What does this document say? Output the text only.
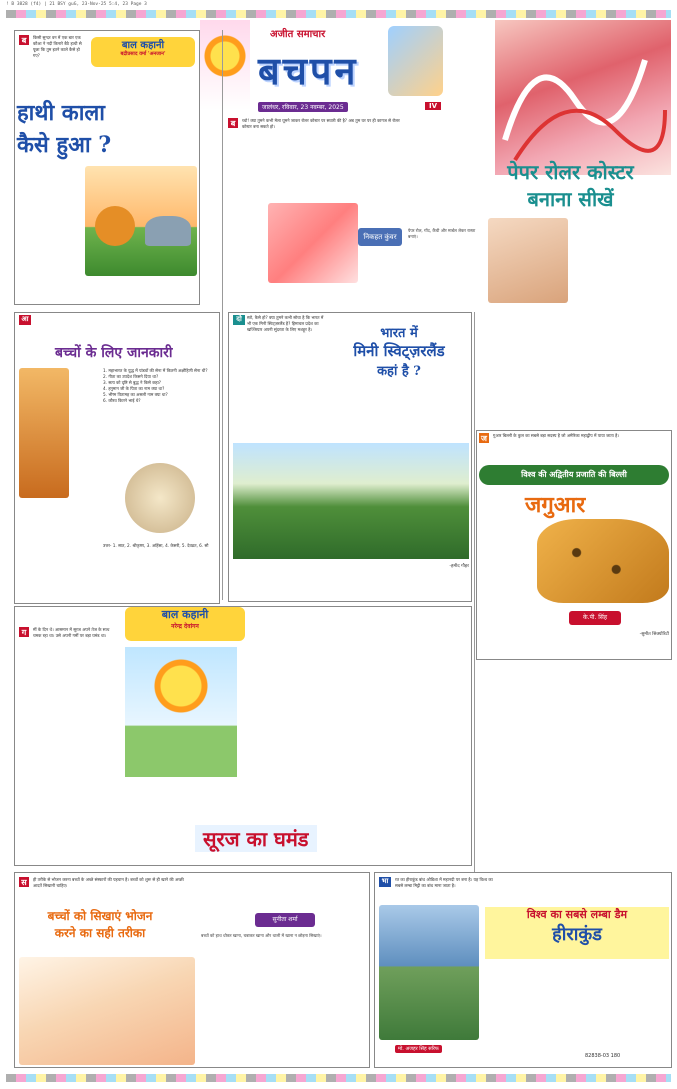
! B 3828 (f4) | 21 BSY guG, 23-Nov-25 5:4, 23 Page 3
अजीत समाचार
बचपन
जालंधर, रविवार, 23 नवम्बर, 2025	IV
बाल कहानी
बद्रीप्रसाद वर्मा 'अनजान'
ब	किसी सुन्दर वन में एक बार एक कौआ ने नदी किनारे बैठे हाथी से पूछा कि तुम इतने काले कैसे हो गए?
हाथी काला
कैसे हुआ ?
ब	च्चो! क्या तुमने कभी मेला घूमने जाकर रोलर कोस्टर पर सवारी की है? अब तुम घर पर ही कागज से रोलर कोस्टर बना सकते हो।
पेपर रोलर कोस्टर
बनाना सीखें
निकहत कुंवर
पेपर रोल, गोंद, कैंची और मार्बल लेकर रास्ता बनाएं।
आ
बच्चों के लिए जानकारी
1. महाभारत के युद्ध में पांडवों की सेना में कितनी अक्षौहिणी सेना थी?
2. गीता का उपदेश किसने दिया था?
3. सत्य को दृष्टि से बुद्ध ने किसे कहा?
4. हनुमान जी के पिता का नाम क्या था?
5. भीष्म पितामह का असली नाम क्या था?
6. कौरव कितने भाई थे?
उत्तर- 1. सात, 2. श्रीकृष्ण, 3. अहिंसा, 4. केसरी, 5. देवव्रत, 6. सौ
दो	स्तो, कैसे हो? क्या तुमने कभी सोचा है कि भारत में भी एक मिनी स्विट्ज़रलैंड है? हिमाचल प्रदेश का खज्जियार अपनी सुंदरता के लिए मशहूर है।	भारत में
मिनी स्विट्ज़रलैंड
कहां है ?
-हमीद गौहर
ज	गुआर बिल्ली के कुल का सबसे बड़ा सदस्य है जो अमेरिका महाद्वीप में पाया जाता है।
विश्व की अद्वितीय प्रजाति की बिल्ली
जगुआर
के.पी. सिंह
-सुमीत सिक्योरिटी
बाल कहानी
नरेन्द्र देवांगन
ग	र्मी के दिन थे। आसमान में सूरज अपने तेज के साथ चमक रहा था। उसे अपनी गर्मी पर बड़ा घमंड था।
सूरज का घमंड
स	ही तरीके से भोजन करना बच्चों के अच्छे संस्कारों की पहचान है। बच्चों को शुरू से ही खाने की अच्छी आदतें सिखानी चाहिए।
बच्चों को सिखाएं भोजन
करने का सही तरीका
सुनीता शर्मा
बच्चों को हाथ धोकर खाना, चबाकर खाना और थाली में खाना न छोड़ना सिखाएं।
भा	रत का हीराकुंड बांध ओडिशा में महानदी पर बना है। यह विश्व का सबसे लम्बा मिट्टी का बांध माना जाता है।
विश्व का सबसे लम्बा डैम
हीराकुंड
मो. अजहर सिंह सरिफ
82838-03 180
